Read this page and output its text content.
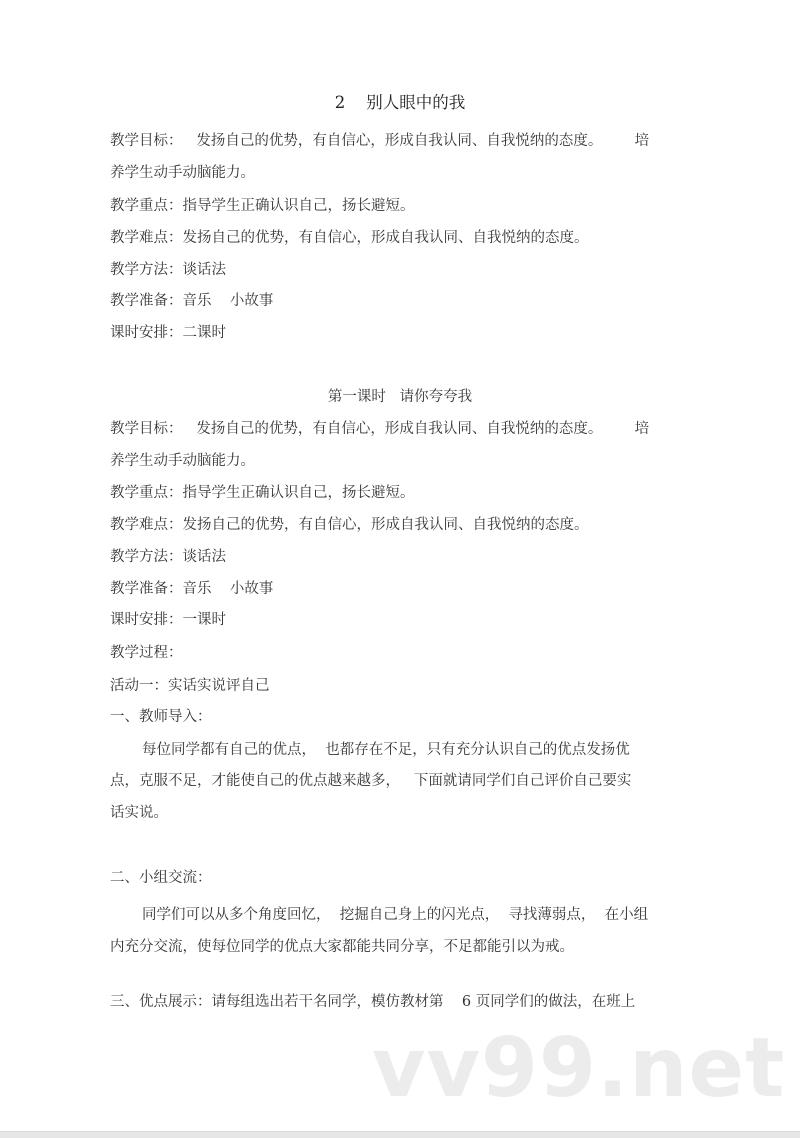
2    别人眼中的我
教学目标：   发扬自己的优势，有自信心，形成自我认同、自我悦纳的态度。       培
养学生动手动脑能力。
教学重点：指导学生正确认识自己，扬长避短。
教学难点：发扬自己的优势，有自信心，形成自我认同、自我悦纳的态度。
教学方法：谈话法
教学准备：音乐    小故事
课时安排：二课时
第一课时   请你夸夸我
教学目标：   发扬自己的优势，有自信心，形成自我认同、自我悦纳的态度。       培
养学生动手动脑能力。
教学重点：指导学生正确认识自己，扬长避短。
教学难点：发扬自己的优势，有自信心，形成自我认同、自我悦纳的态度。
教学方法：谈话法
教学准备：音乐    小故事
课时安排：一课时
教学过程：
活动一：实话实说评自己
一、教师导入：
每位同学都有自己的优点，  也都存在不足，只有充分认识自己的优点发扬优
点，克服不足，才能使自己的优点越来越多，   下面就请同学们自己评价自己要实
话实说。
二、小组交流：
同学们可以从多个角度回忆，  挖掘自己身上的闪光点，  寻找薄弱点，  在小组
内充分交流，使每位同学的优点大家都能共同分享，不足都能引以为戒。
三、优点展示：请每组选出若干名同学，模仿教材第    6 页同学们的做法，在班上
vv99.net
